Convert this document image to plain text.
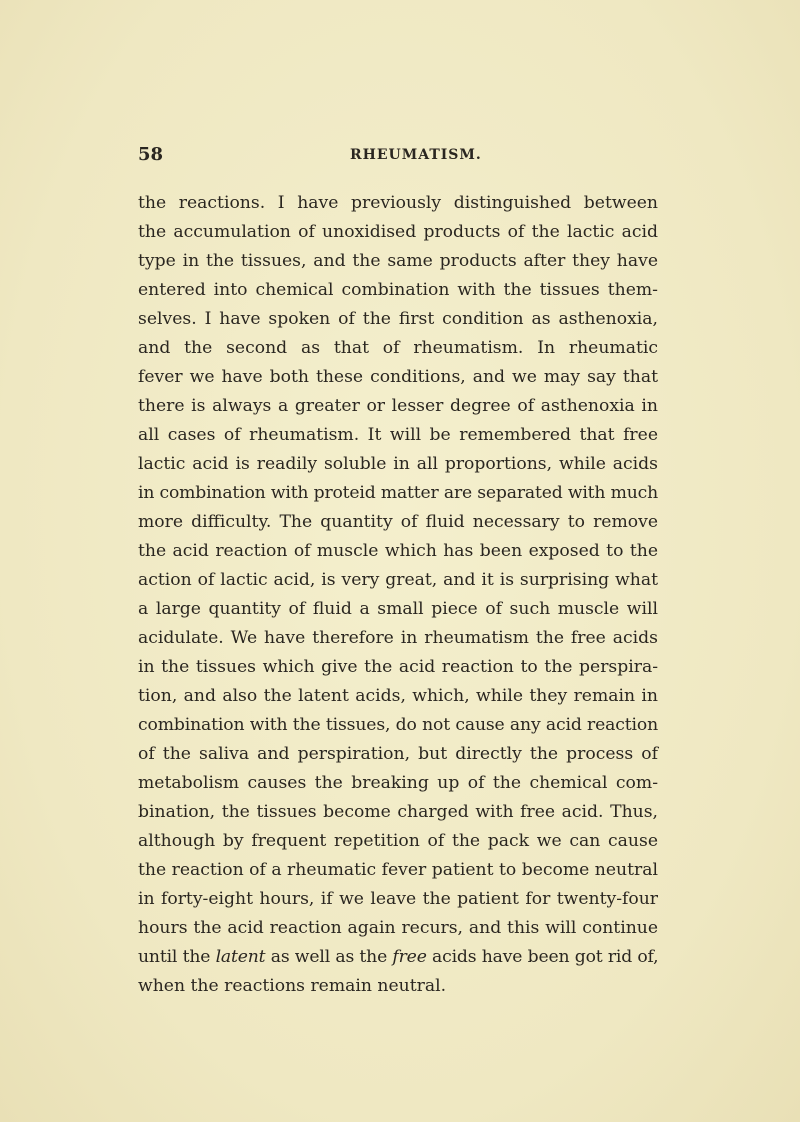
58	RHEUMATISM.
the reactions. I have previously distinguished between
the accumulation of unoxidised products of the lactic acid
type in the tissues, and the same products after they have
entered into chemical combination with the tissues them-
selves. I have spoken of the first condition as asthenoxia,
and the second as that of rheumatism. In rheumatic
fever we have both these conditions, and we may say that
there is always a greater or lesser degree of asthenoxia in
all cases of rheumatism. It will be remembered that free
lactic acid is readily soluble in all proportions, while acids
in combination with proteid matter are separated with much
more difficulty. The quantity of fluid necessary to remove
the acid reaction of muscle which has been exposed to the
action of lactic acid, is very great, and it is surprising what
a large quantity of fluid a small piece of such muscle will
acidulate. We have therefore in rheumatism the free acids
in the tissues which give the acid reaction to the perspira-
tion, and also the latent acids, which, while they remain in
combination with the tissues, do not cause any acid reaction
of the saliva and perspiration, but directly the process of
metabolism causes the breaking up of the chemical com-
bination, the tissues become charged with free acid. Thus,
although by frequent repetition of the pack we can cause
the reaction of a rheumatic fever patient to become neutral
in forty-eight hours, if we leave the patient for twenty-four
hours the acid reaction again recurs, and this will continue
until the latent as well as the free acids have been got rid of,
when the reactions remain neutral.
